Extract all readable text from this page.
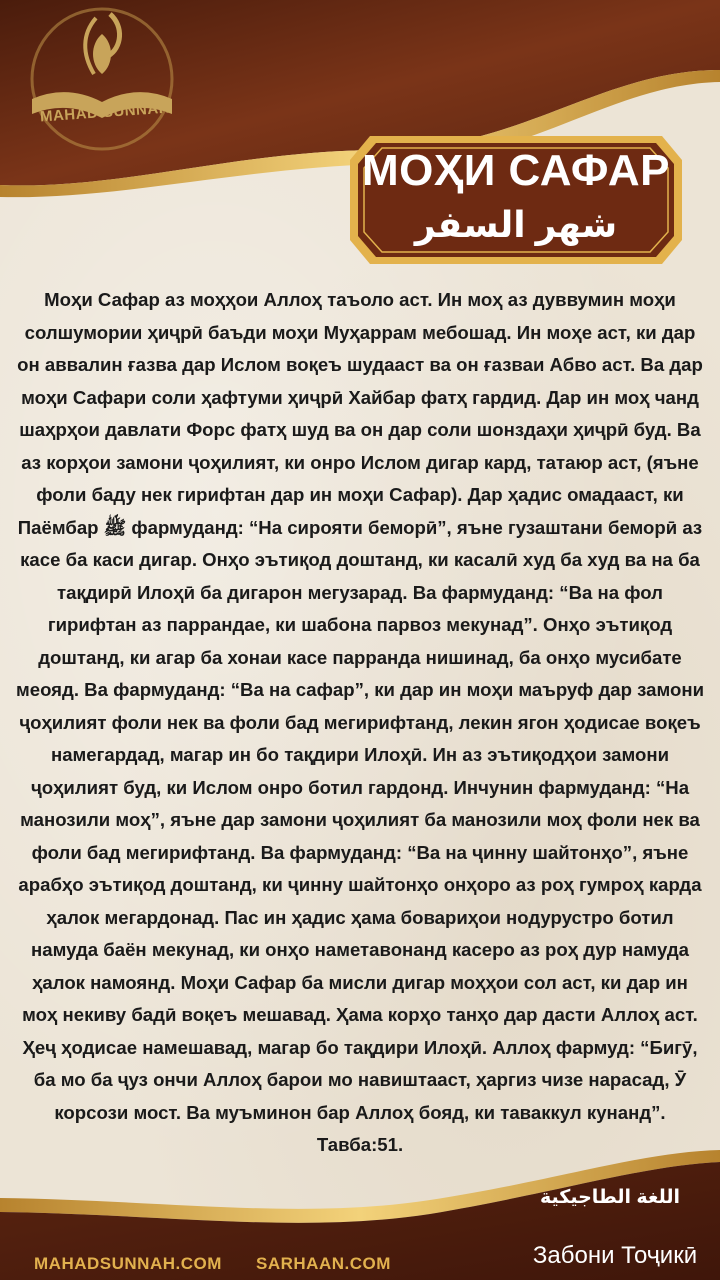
MAHAD SUNNAH
МОҲИ САФАР
شهر السفر

Моҳи Сафар аз моҳҳои Аллоҳ таъоло аст. Ин моҳ аз дуввумин моҳи солшумории ҳиҷрӣ баъди моҳи Муҳаррам мебошад. Ин моҳе аст, ки дар он аввалин ғазва дар Ислом воқеъ шудааст ва он ғазваи Абво аст. Ва дар моҳи Сафари соли ҳафтуми ҳиҷрӣ Хайбар фатҳ гардид. Дар ин моҳ чанд шаҳрҳои давлати Форс фатҳ шуд ва он дар соли шонздаҳи ҳиҷрӣ буд. Ва аз корҳои замони ҷоҳилият, ки онро Ислом дигар кард, татаюр аст, (яъне фоли баду нек гирифтан дар ин моҳи Сафар). Дар ҳадис омадааст, ки Паёмбар ﷺ фармуданд: “На сирояти беморӣ”, яъне гузаштани беморӣ аз касе ба каси дигар. Онҳо эътиқод доштанд, ки касалӣ худ ба худ ва на ба тақдирӣ Илоҳӣ ба дигарон мегузарад. Ва фармуданд: “Ва на фол гирифтан аз паррандае, ки шабона парвоз мекунад”. Онҳо эътиқод доштанд, ки агар ба хонаи касе парранда нишинад, ба онҳо мусибате меояд. Ва фармуданд: “Ва на сафар”, ки дар ин моҳи маъруф дар замони ҷоҳилият фоли нек ва фоли бад мегирифтанд, лекин ягон ҳодисае воқеъ намегардад, магар ин бо тақдири Илоҳӣ. Ин аз эътиқодҳои замони ҷоҳилият буд, ки Ислом онро ботил гардонд. Инчунин фармуданд: “На манозили моҳ”, яъне дар замони ҷоҳилият ба манозили моҳ фоли нек ва фоли бад мегирифтанд. Ва фармуданд: “Ва на ҷинну шайтонҳо”, яъне арабҳо эътиқод доштанд, ки ҷинну шайтонҳо онҳоро аз роҳ гумроҳ карда ҳалок мегардонад. Пас ин ҳадис ҳама бовариҳои нодурустро ботил намуда баён мекунад, ки онҳо наметавонанд касеро аз роҳ дур намуда ҳалок намоянд. Моҳи Сафар ба мисли дигар моҳҳои сол аст, ки дар ин моҳ некиву бадӣ воқеъ мешавад. Ҳама корҳо танҳо дар дасти Аллоҳ аст. Ҳеҷ ҳодисае намешавад, магар бо тақдири Илоҳӣ. Аллоҳ фармуд: “Бигӯ, ба мо ба ҷуз ончи Аллоҳ барои мо навиштааст, ҳаргиз чизе нарасад, Ӯ корсози мост. Ва муъминон бар Аллоҳ бояд, ки таваккул кунанд”. Тавба:51.

MAHADSUNNAH.COM SARHAAN.COM
اللغة الطاجيكية
Забони Тоҷикӣ
